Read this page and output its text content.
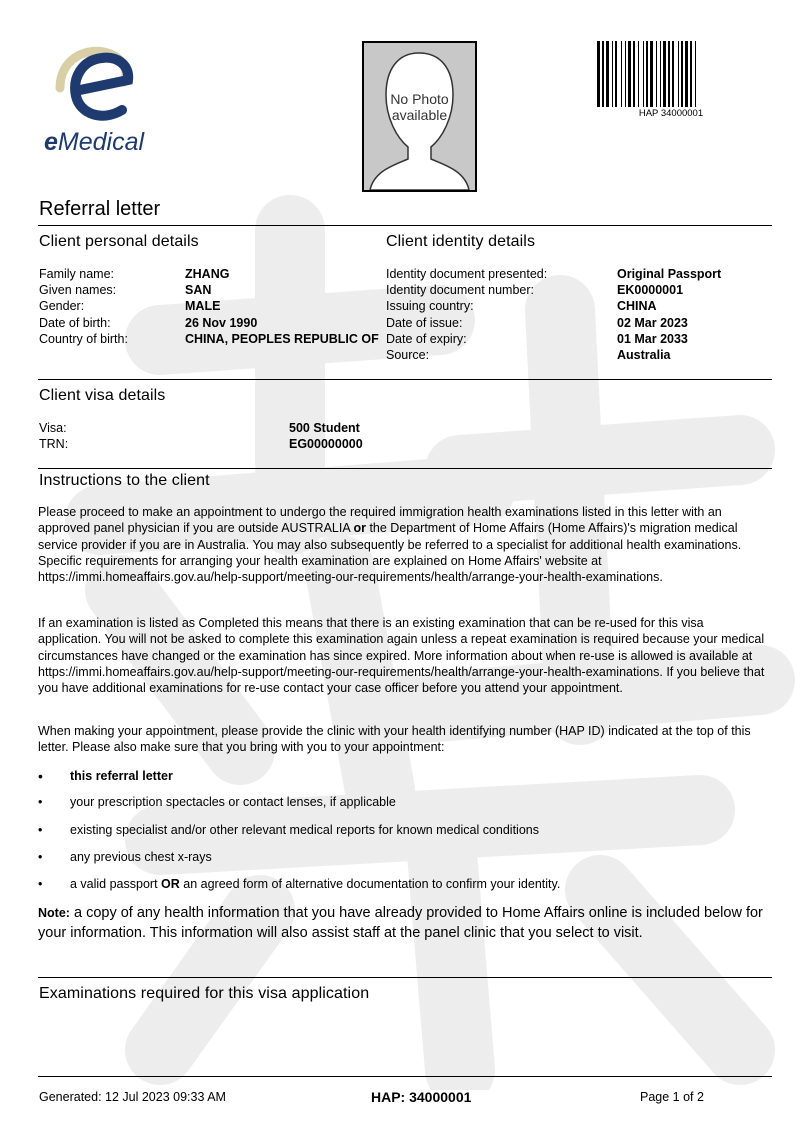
eMedical
No Photo
available	HAP 34000001
Referral letter
Client personal details
Family name:	ZHANG
Given names:	SAN
Gender:	MALE
Date of birth:	26 Nov 1990
Country of birth:	CHINA, PEOPLES REPUBLIC OF
Client identity details
Identity document presented:	Original Passport
Identity document number:	EK0000001
Issuing country:	CHINA
Date of issue:	02 Mar 2023
Date of expiry:	01 Mar 2033
Source:	Australia
Client visa details
Visa:	500 Student
TRN:	EG00000000
Instructions to the client
Please proceed to make an appointment to undergo the required immigration health examinations listed in this letter with an approved panel physician if you are outside AUSTRALIA or the Department of Home Affairs (Home Affairs)'s migration medical service provider if you are in Australia. You may also subsequently be referred to a specialist for additional health examinations. Specific requirements for arranging your health examination are explained on Home Affairs' website at https://immi.homeaffairs.gov.au/help-support/meeting-our-requirements/health/arrange-your-health-examinations.
If an examination is listed as Completed this means that there is an existing examination that can be re-used for this visa application. You will not be asked to complete this examination again unless a repeat examination is required because your medical circumstances have changed or the examination has since expired. More information about when re-use is allowed is available at https://immi.homeaffairs.gov.au/help-support/meeting-our-requirements/health/arrange-your-health-examinations. If you believe that you have additional examinations for re-use contact your case officer before you attend your appointment.
When making your appointment, please provide the clinic with your health identifying number (HAP ID) indicated at the top of this letter. Please also make sure that you bring with you to your appointment:
• this referral letter
• your prescription spectacles or contact lenses, if applicable
• existing specialist and/or other relevant medical reports for known medical conditions
• any previous chest x-rays
• a valid passport OR an agreed form of alternative documentation to confirm your identity.
Note: a copy of any health information that you have already provided to Home Affairs online is included below for your information. This information will also assist staff at the panel clinic that you select to visit.
Examinations required for this visa application
Generated: 12 Jul 2023 09:33 AM	HAP: 34000001	Page 1 of 2
